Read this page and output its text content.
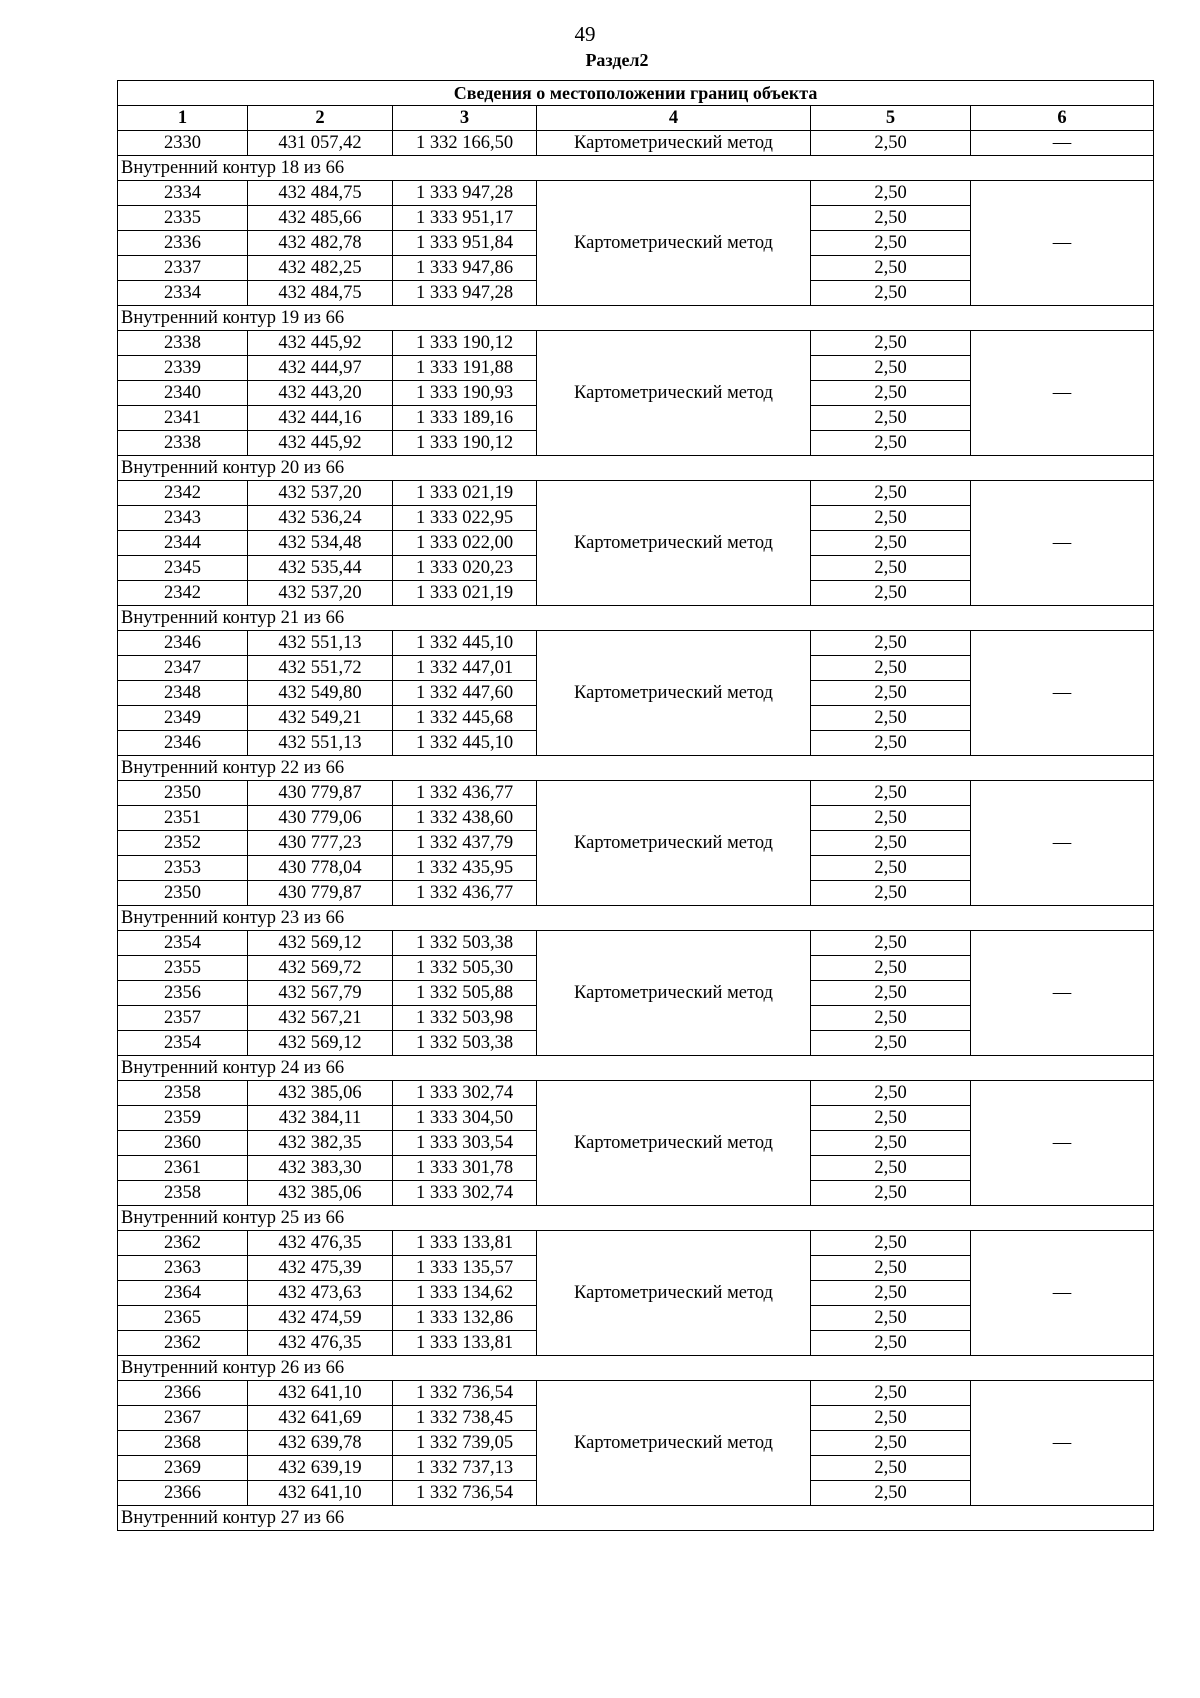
49
Раздел2
Сведения о местоположении границ объекта					
1	2	3	4	5	6
2330	431 057,42	1 332 166,50	Картометрический метод	2,50	—
Внутренний контур 18 из 66					
2334	432 484,75	1 333 947,28	Картометрический метод	2,50	—
2335	432 485,66	1 333 951,17		2,50	
2336	432 482,78	1 333 951,84		2,50	
2337	432 482,25	1 333 947,86		2,50	
2334	432 484,75	1 333 947,28		2,50	
Внутренний контур 19 из 66					
2338	432 445,92	1 333 190,12	Картометрический метод	2,50	—
2339	432 444,97	1 333 191,88		2,50	
2340	432 443,20	1 333 190,93		2,50	
2341	432 444,16	1 333 189,16		2,50	
2338	432 445,92	1 333 190,12		2,50	
Внутренний контур 20 из 66					
2342	432 537,20	1 333 021,19	Картометрический метод	2,50	—
2343	432 536,24	1 333 022,95		2,50	
2344	432 534,48	1 333 022,00		2,50	
2345	432 535,44	1 333 020,23		2,50	
2342	432 537,20	1 333 021,19		2,50	
Внутренний контур 21 из 66					
2346	432 551,13	1 332 445,10	Картометрический метод	2,50	—
2347	432 551,72	1 332 447,01		2,50	
2348	432 549,80	1 332 447,60		2,50	
2349	432 549,21	1 332 445,68		2,50	
2346	432 551,13	1 332 445,10		2,50	
Внутренний контур 22 из 66					
2350	430 779,87	1 332 436,77	Картометрический метод	2,50	—
2351	430 779,06	1 332 438,60		2,50	
2352	430 777,23	1 332 437,79		2,50	
2353	430 778,04	1 332 435,95		2,50	
2350	430 779,87	1 332 436,77		2,50	
Внутренний контур 23 из 66					
2354	432 569,12	1 332 503,38	Картометрический метод	2,50	—
2355	432 569,72	1 332 505,30		2,50	
2356	432 567,79	1 332 505,88		2,50	
2357	432 567,21	1 332 503,98		2,50	
2354	432 569,12	1 332 503,38		2,50	
Внутренний контур 24 из 66					
2358	432 385,06	1 333 302,74	Картометрический метод	2,50	—
2359	432 384,11	1 333 304,50		2,50	
2360	432 382,35	1 333 303,54		2,50	
2361	432 383,30	1 333 301,78		2,50	
2358	432 385,06	1 333 302,74		2,50	
Внутренний контур 25 из 66					
2362	432 476,35	1 333 133,81	Картометрический метод	2,50	—
2363	432 475,39	1 333 135,57		2,50	
2364	432 473,63	1 333 134,62		2,50	
2365	432 474,59	1 333 132,86		2,50	
2362	432 476,35	1 333 133,81		2,50	
Внутренний контур 26 из 66					
2366	432 641,10	1 332 736,54	Картометрический метод	2,50	—
2367	432 641,69	1 332 738,45		2,50	
2368	432 639,78	1 332 739,05		2,50	
2369	432 639,19	1 332 737,13		2,50	
2366	432 641,10	1 332 736,54		2,50	
Внутренний контур 27 из 66					
